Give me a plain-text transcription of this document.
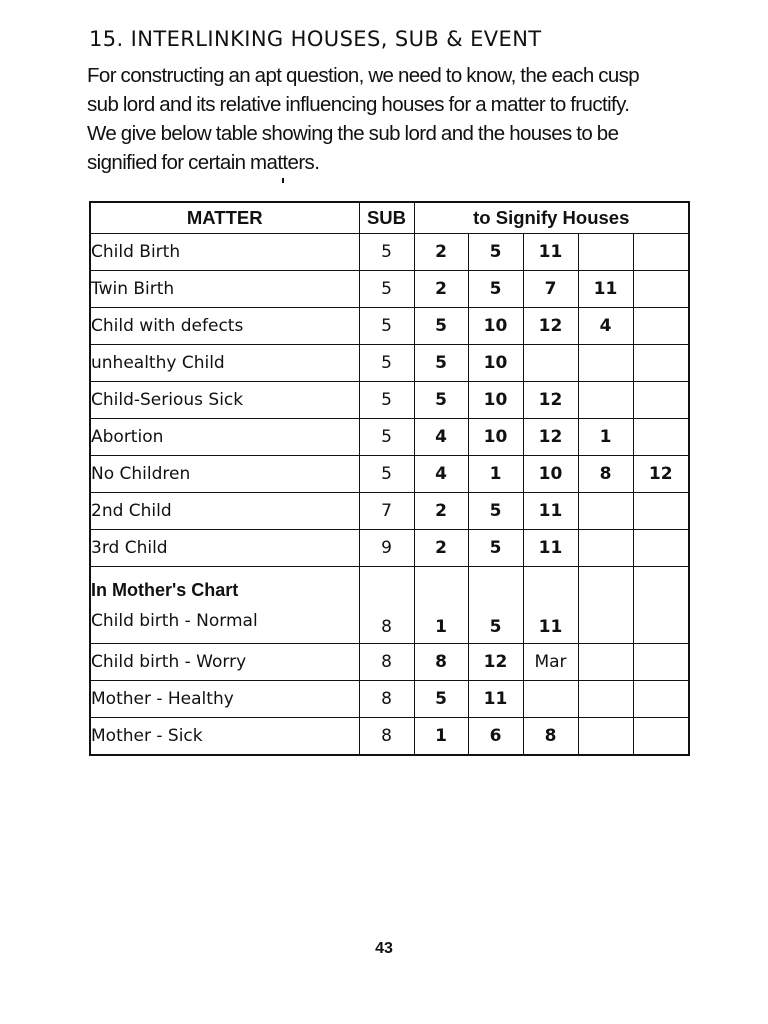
15. INTERLINKING HOUSES, SUB & EVENT
For constructing an apt question, we need to know, the each cusp
sub lord and its relative influencing houses for a matter to fructify.
We give below table showing the sub lord and the houses to be
signified for certain matters.
MATTER	SUB	to Signify Houses				
Child Birth	5	2	5	11		
Twin Birth	5	2	5	7	11	
Child with defects	5	5	10	12	4	
unhealthy Child	5	5	10			
Child-Serious Sick	5	5	10	12		
Abortion	5	4	10	12	1	
No Children	5	4	1	10	8	12
2nd Child	7	2	5	11		
3rd Child	9	2	5	11		

In Mother's Chart
Child birth - Normal	8	1	5	11		
Child birth - Worry	8	8	12	Mar		
Mother - Healthy	8	5	11			
Mother - Sick	8	1	6	8		
43
